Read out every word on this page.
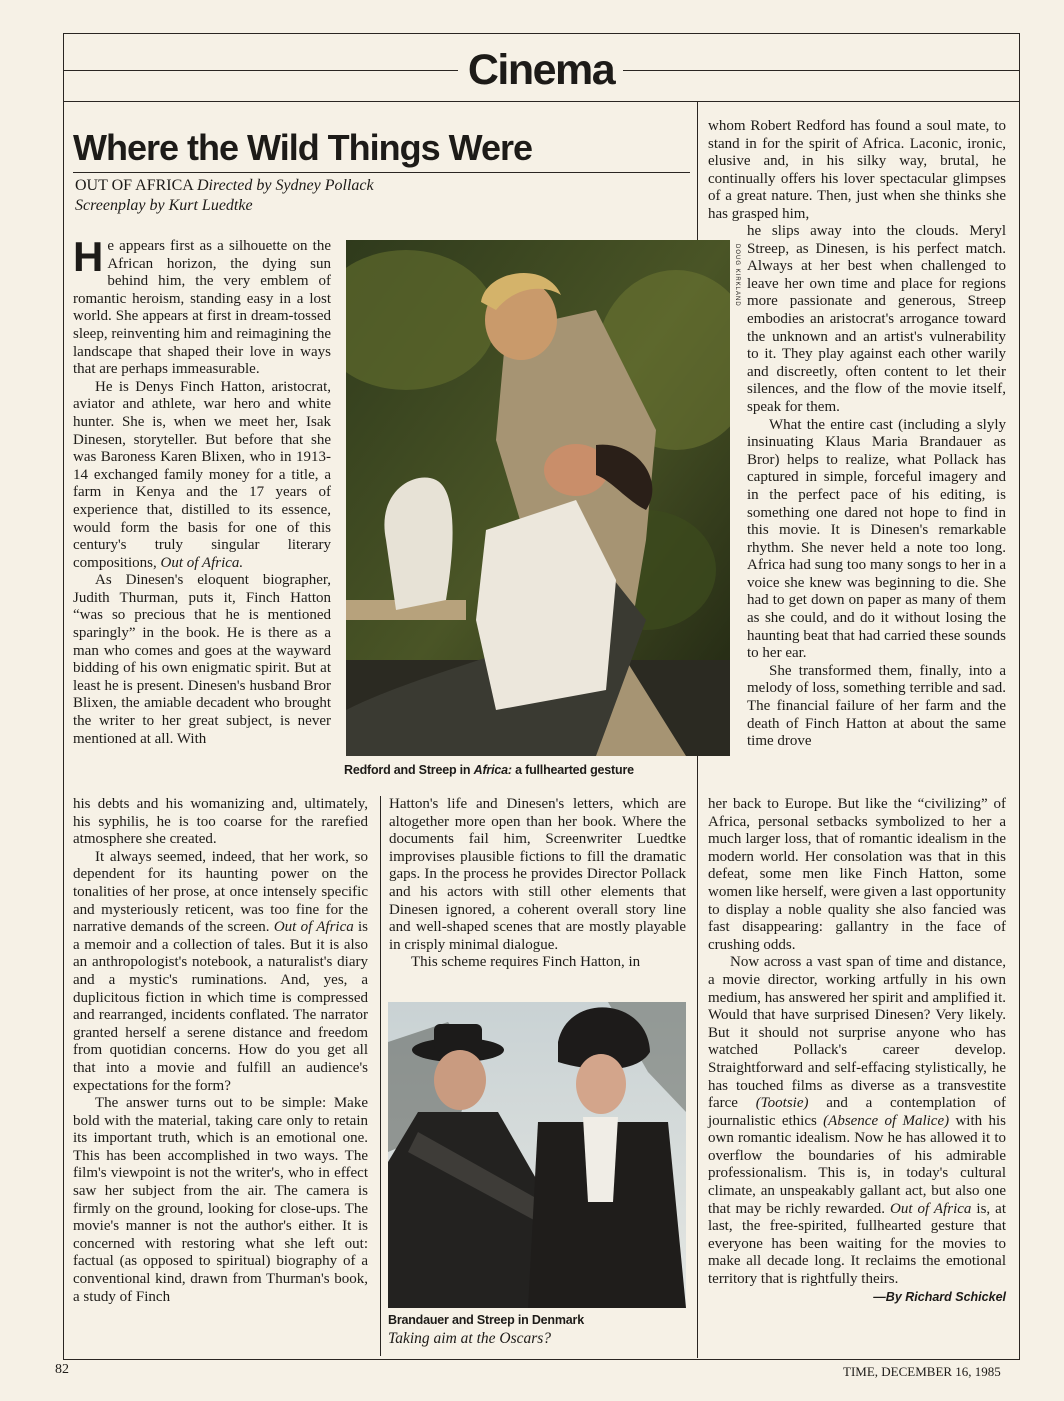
Cinema
Where the Wild Things Were
OUT OF AFRICA Directed by Sydney Pollack
Screenplay by Kurt Luedtke

He appears first as a silhouette on the African horizon, the dying sun behind him, the very emblem of romantic heroism, standing easy in a lost world. She appears at first in dream-tossed sleep, reinventing him and reimagining the landscape that shaped their love in ways that are perhaps immeasurable.

He is Denys Finch Hatton, aristocrat, aviator and athlete, war hero and white hunter. She is, when we meet her, Isak Dinesen, storyteller. But before that she was Baroness Karen Blixen, who in 1913-14 exchanged family money for a title, a farm in Kenya and the 17 years of experience that, distilled to its essence, would form the basis for one of this century's truly singular literary compositions, Out of Africa.

As Dinesen's eloquent biographer, Judith Thurman, puts it, Finch Hatton “was so precious that he is mentioned sparingly” in the book. He is there as a man who comes and goes at the wayward bidding of his own enigmatic spirit. But at least he is present. Dinesen's husband Bror Blixen, the amiable decadent who brought the writer to her great subject, is never mentioned at all. With

his debts and his womanizing and, ultimately, his syphilis, he is too coarse for the rarefied atmosphere she created.

It always seemed, indeed, that her work, so dependent for its haunting power on the tonalities of her prose, at once intensely specific and mysteriously reticent, was too fine for the narrative demands of the screen. Out of Africa is a memoir and a collection of tales. But it is also an anthropologist's notebook, a naturalist's diary and a mystic's ruminations. And, yes, a duplicitous fiction in which time is compressed and rearranged, incidents conflated. The narrator granted herself a serene distance and freedom from quotidian concerns. How do you get all that into a movie and fulfill an audience's expectations for the form?

The answer turns out to be simple: Make bold with the material, taking care only to retain its important truth, which is an emotional one. This has been accomplished in two ways. The film's viewpoint is not the writer's, who in effect saw her subject from the air. The camera is firmly on the ground, looking for close-ups. The movie's manner is not the author's either. It is concerned with restoring what she left out: factual (as opposed to spiritual) biography of a conventional kind, drawn from Thurman's book, a study of Finch

DOUG KIRKLAND
Redford and Streep in Africa: a fullhearted gesture

Hatton's life and Dinesen's letters, which are altogether more open than her book. Where the documents fail him, Screenwriter Luedtke improvises plausible fictions to fill the dramatic gaps. In the process he provides Director Pollack and his actors with still other elements that Dinesen ignored, a coherent overall story line and well-shaped scenes that are mostly playable in crisply minimal dialogue.

This scheme requires Finch Hatton, in

Brandauer and Streep in Denmark
Taking aim at the Oscars?

whom Robert Redford has found a soul mate, to stand in for the spirit of Africa. Laconic, ironic, elusive and, in his silky way, brutal, he continually offers his lover spectacular glimpses of a great nature. Then, just when she thinks she has grasped him,

he slips away into the clouds. Meryl Streep, as Dinesen, is his perfect match. Always at her best when challenged to leave her own time and place for regions more passionate and generous, Streep embodies an aristocrat's arrogance toward the unknown and an artist's vulnerability to it. They play against each other warily and discreetly, often content to let their silences, and the flow of the movie itself, speak for them.

What the entire cast (including a slyly insinuating Klaus Maria Brandauer as Bror) helps to realize, what Pollack has captured in simple, forceful imagery and in the perfect pace of his editing, is something one dared not hope to find in this movie. It is Dinesen's remarkable rhythm. She never held a note too long. Africa had sung too many songs to her in a voice she knew was beginning to die. She had to get down on paper as many of them as she could, and do it without losing the haunting beat that had carried these sounds to her ear.

She transformed them, finally, into a melody of loss, something terrible and sad. The financial failure of her farm and the death of Finch Hatton at about the same time drove

her back to Europe. But like the “civilizing” of Africa, personal setbacks symbolized to her a much larger loss, that of romantic idealism in the modern world. Her consolation was that in this defeat, some men like Finch Hatton, some women like herself, were given a last opportunity to display a noble quality she also fancied was fast disappearing: gallantry in the face of crushing odds.

Now across a vast span of time and distance, a movie director, working artfully in his own medium, has answered her spirit and amplified it. Would that have surprised Dinesen? Very likely. But it should not surprise anyone who has watched Pollack's career develop. Straightforward and self-effacing stylistically, he has touched films as diverse as a transvestite farce (Tootsie) and a contemplation of journalistic ethics (Absence of Malice) with his own romantic idealism. Now he has allowed it to overflow the boundaries of his admirable professionalism. This is, in today's cultural climate, an unspeakably gallant act, but also one that may be richly rewarded. Out of Africa is, at last, the free-spirited, fullhearted gesture that everyone has been waiting for the movies to make all decade long. It reclaims the emotional territory that is rightfully theirs.
—By Richard Schickel

82	TIME, DECEMBER 16, 1985
